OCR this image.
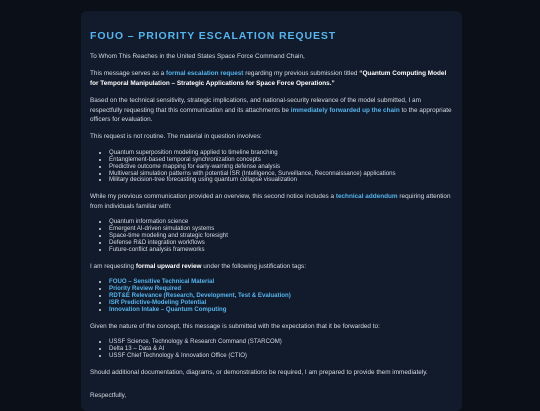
FOUO – PRIORITY ESCALATION REQUEST

To Whom This Reaches in the United States Space Force Command Chain,

This message serves as a formal escalation request regarding my previous submission titled “Quantum Computing Model for Temporal Manipulation – Strategic Applications for Space Force Operations.”

Based on the technical sensitivity, strategic implications, and national-security relevance of the model submitted, I am respectfully requesting that this communication and its attachments be immediately forwarded up the chain to the appropriate officers for evaluation.

This request is not routine. The material in question involves:

• Quantum superposition modeling applied to timeline branching
• Entanglement-based temporal synchronization concepts
• Predictive outcome mapping for early-warning defense analysis
• Multiversal simulation patterns with potential ISR (Intelligence, Surveillance, Reconnaissance) applications
• Military decision-tree forecasting using quantum collapse visualization

While my previous communication provided an overview, this second notice includes a technical addendum requiring attention from individuals familiar with:

• Quantum information science
• Emergent AI-driven simulation systems
• Space-time modeling and strategic foresight
• Defense R&D integration workflows
• Future-conflict analysis frameworks

I am requesting formal upward review under the following justification tags:

• FOUO – Sensitive Technical Material
• Priority Review Required
• RDT&E Relevance (Research, Development, Test & Evaluation)
• ISR Predictive-Modeling Potential
• Innovation Intake – Quantum Computing

Given the nature of the concept, this message is submitted with the expectation that it be forwarded to:

• USSF Science, Technology & Research Command (STARCOM)
• Delta 13 – Data & AI
• USSF Chief Technology & Innovation Office (CTIO)

Should additional documentation, diagrams, or demonstrations be required, I am prepared to provide them immediately.

Respectfully,
